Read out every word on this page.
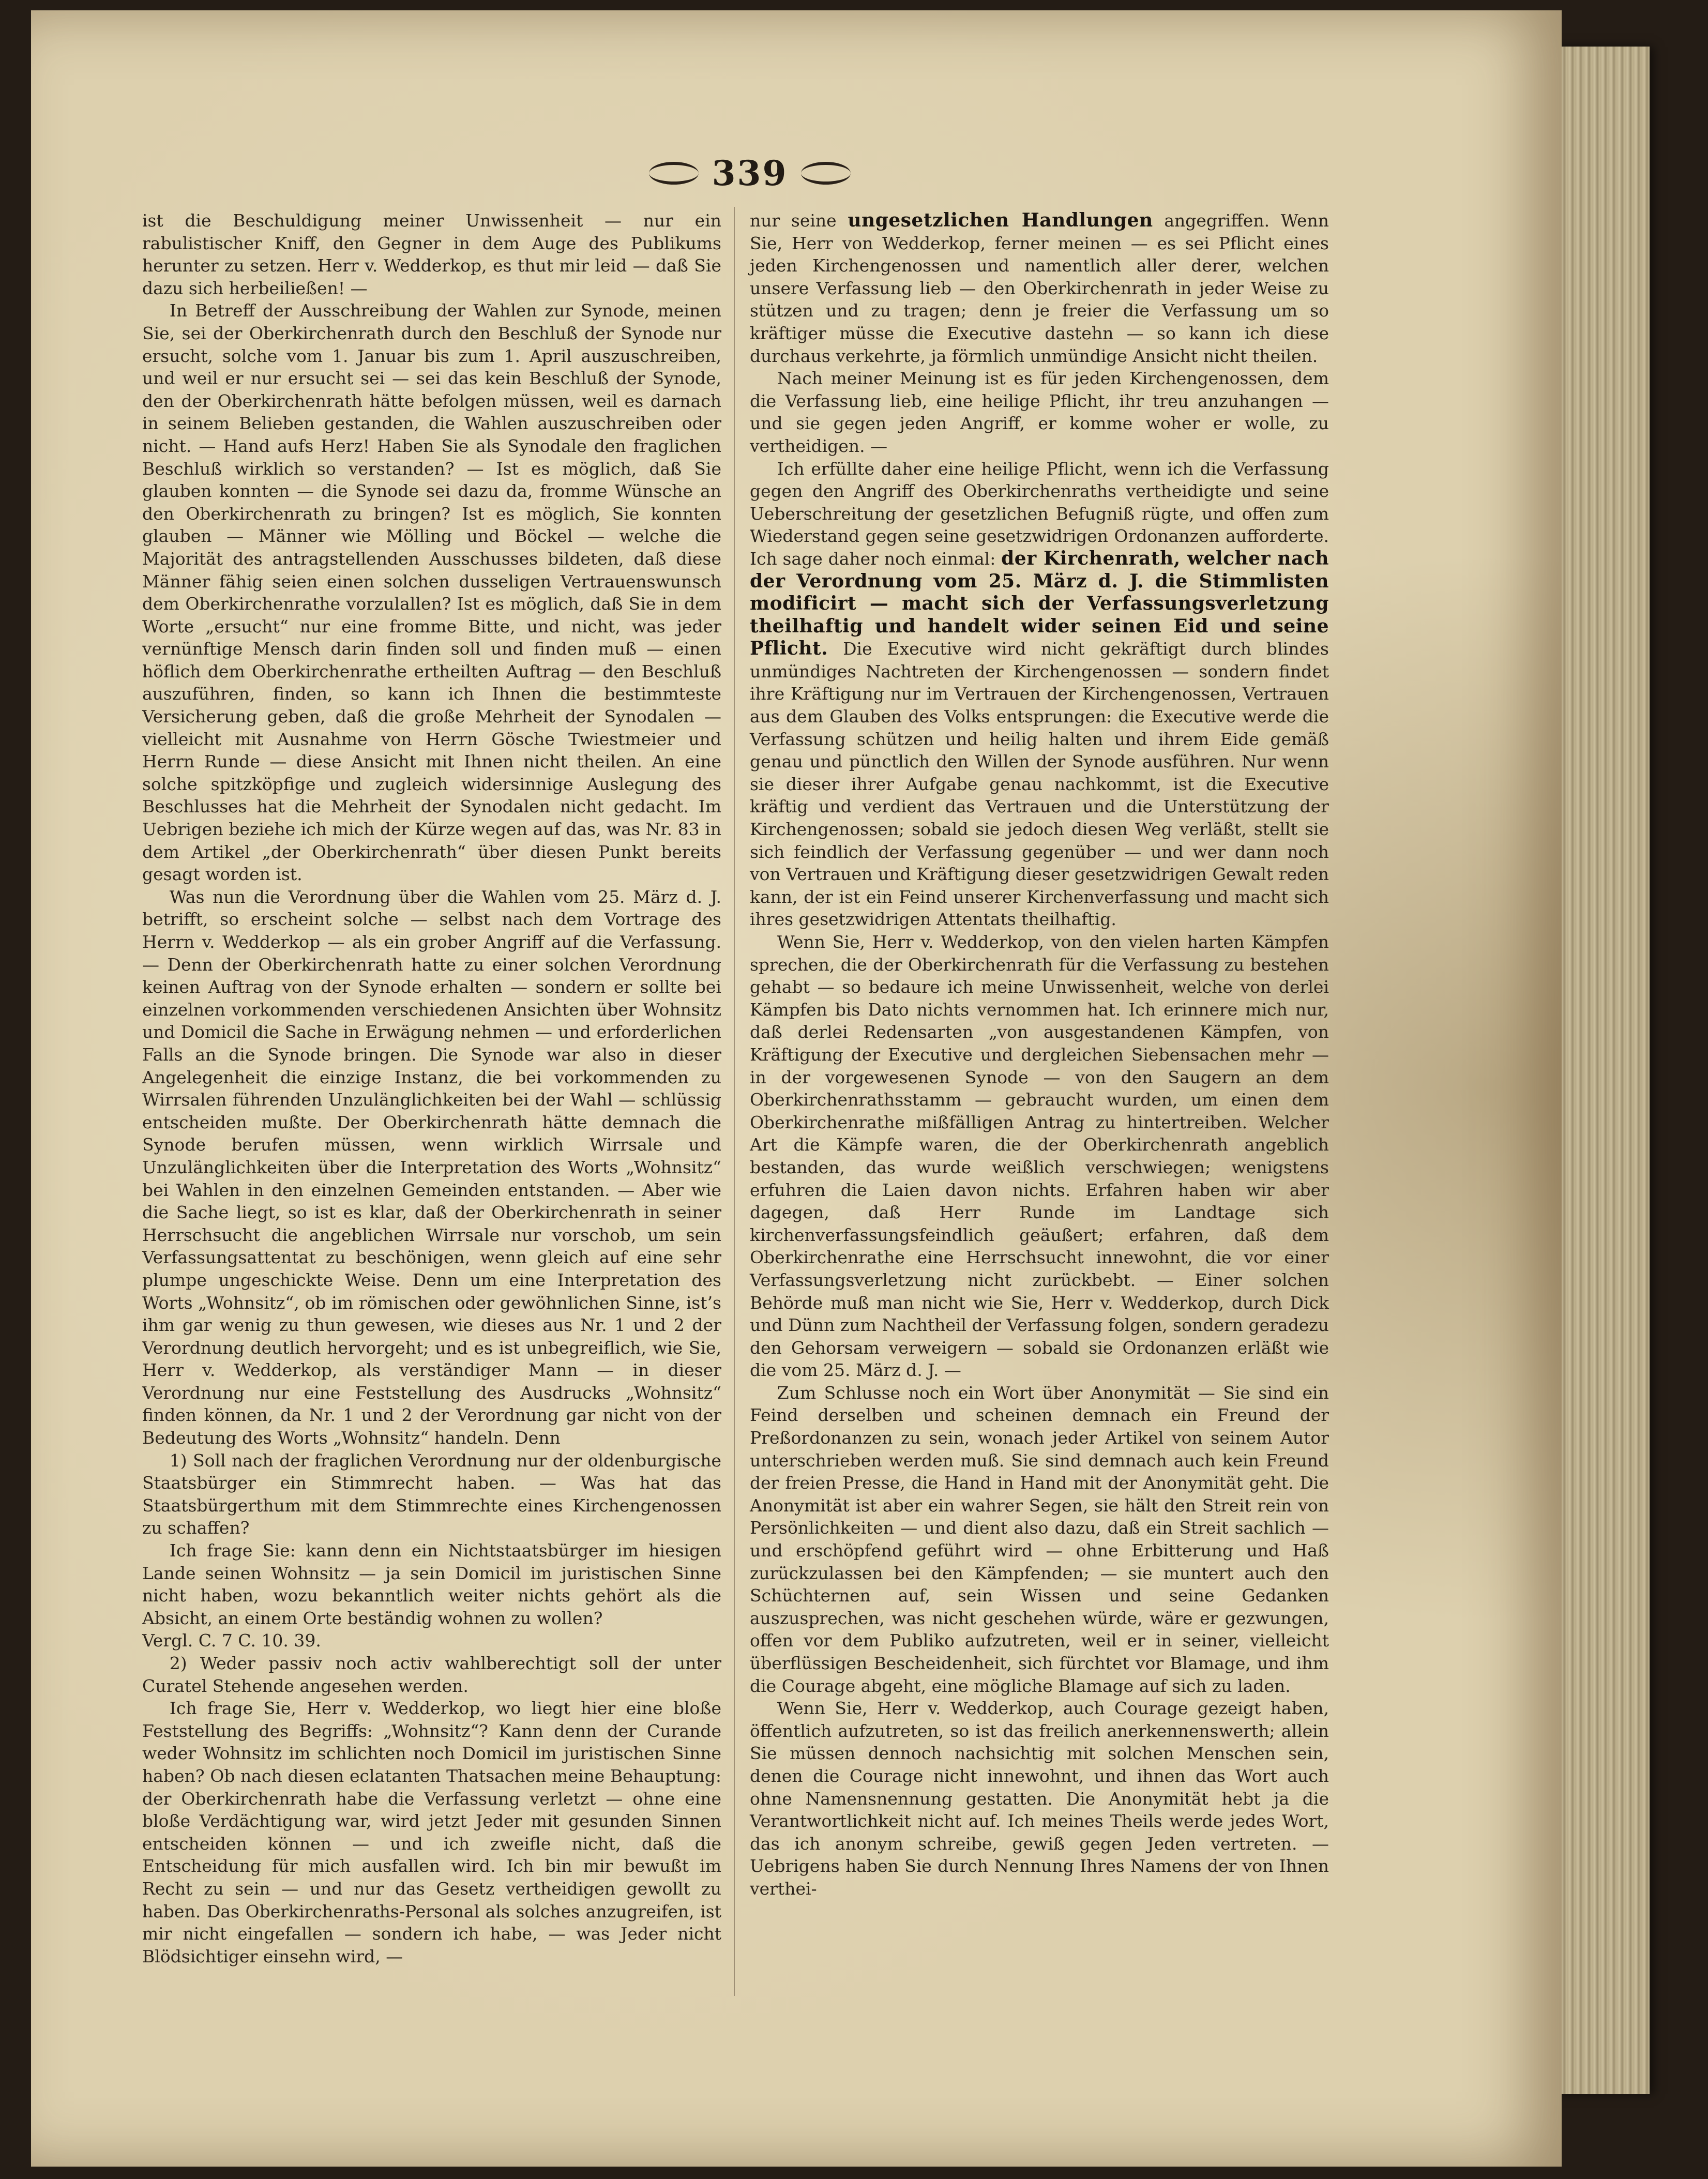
339

ist die Beschuldigung meiner Unwissenheit — nur ein rabulistischer Kniff, den Gegner in dem Auge des Publikums herunter zu setzen. Herr v. Wedderkop, es thut mir leid — daß Sie dazu sich herbeiließen! —

In Betreff der Ausschreibung der Wahlen zur Synode, meinen Sie, sei der Oberkirchenrath durch den Beschluß der Synode nur ersucht, solche vom 1. Januar bis zum 1. April auszuschreiben, und weil er nur ersucht sei — sei das kein Beschluß der Synode, den der Oberkirchenrath hätte befolgen müssen, weil es darnach in seinem Belieben gestanden, die Wahlen auszuschreiben oder nicht. — Hand aufs Herz! Haben Sie als Synodale den fraglichen Beschluß wirklich so verstanden? — Ist es möglich, daß Sie glauben konnten — die Synode sei dazu da, fromme Wünsche an den Oberkirchenrath zu bringen? Ist es möglich, Sie konnten glauben — Männer wie Mölling und Böckel — welche die Majorität des antragstellenden Ausschusses bildeten, daß diese Männer fähig seien einen solchen dusseligen Vertrauenswunsch dem Oberkirchenrathe vorzulallen? Ist es möglich, daß Sie in dem Worte „ersucht“ nur eine fromme Bitte, und nicht, was jeder vernünftige Mensch darin finden soll und finden muß — einen höflich dem Oberkirchenrathe ertheilten Auftrag — den Beschluß auszuführen, finden, so kann ich Ihnen die bestimmteste Versicherung geben, daß die große Mehrheit der Synodalen — vielleicht mit Ausnahme von Herrn Gösche Twiestmeier und Herrn Runde — diese Ansicht mit Ihnen nicht theilen. An eine solche spitzköpfige und zugleich widersinnige Auslegung des Beschlusses hat die Mehrheit der Synodalen nicht gedacht. Im Uebrigen beziehe ich mich der Kürze wegen auf das, was Nr. 83 in dem Artikel „der Oberkirchenrath“ über diesen Punkt bereits gesagt worden ist.

Was nun die Verordnung über die Wahlen vom 25. März d. J. betrifft, so erscheint solche — selbst nach dem Vortrage des Herrn v. Wedderkop — als ein grober Angriff auf die Verfassung. — Denn der Oberkirchenrath hatte zu einer solchen Verordnung keinen Auftrag von der Synode erhalten — sondern er sollte bei einzelnen vorkommenden verschiedenen Ansichten über Wohnsitz und Domicil die Sache in Erwägung nehmen — und erforderlichen Falls an die Synode bringen. Die Synode war also in dieser Angelegenheit die einzige Instanz, die bei vorkommenden zu Wirrsalen führenden Unzulänglichkeiten bei der Wahl — schlüssig entscheiden mußte. Der Oberkirchenrath hätte demnach die Synode berufen müssen, wenn wirklich Wirrsale und Unzulänglichkeiten über die Interpretation des Worts „Wohnsitz“ bei Wahlen in den einzelnen Gemeinden entstanden. — Aber wie die Sache liegt, so ist es klar, daß der Oberkirchenrath in seiner Herrschsucht die angeblichen Wirrsale nur vorschob, um sein Verfassungsattentat zu beschönigen, wenn gleich auf eine sehr plumpe ungeschickte Weise. Denn um eine Interpretation des Worts „Wohnsitz“, ob im römischen oder gewöhnlichen Sinne, ist’s ihm gar wenig zu thun gewesen, wie dieses aus Nr. 1 und 2 der Verordnung deutlich hervorgeht; und es ist unbegreiflich, wie Sie, Herr v. Wedderkop, als verständiger Mann — in dieser Verordnung nur eine Feststellung des Ausdrucks „Wohnsitz“ finden können, da Nr. 1 und 2 der Verordnung gar nicht von der Bedeutung des Worts „Wohnsitz“ handeln. Denn

1) Soll nach der fraglichen Verordnung nur der oldenburgische Staatsbürger ein Stimmrecht haben. — Was hat das Staatsbürgerthum mit dem Stimmrechte eines Kirchengenossen zu schaffen?

Ich frage Sie: kann denn ein Nichtstaatsbürger im hiesigen Lande seinen Wohnsitz — ja sein Domicil im juristischen Sinne nicht haben, wozu bekanntlich weiter nichts gehört als die Absicht, an einem Orte beständig wohnen zu wollen?

Vergl. C. 7 C. 10. 39.

2) Weder passiv noch activ wahlberechtigt soll der unter Curatel Stehende angesehen werden.

Ich frage Sie, Herr v. Wedderkop, wo liegt hier eine bloße Feststellung des Begriffs: „Wohnsitz“? Kann denn der Curande weder Wohnsitz im schlichten noch Domicil im juristischen Sinne haben? Ob nach diesen eclatanten Thatsachen meine Behauptung: der Oberkirchenrath habe die Verfassung verletzt — ohne eine bloße Verdächtigung war, wird jetzt Jeder mit gesunden Sinnen entscheiden können — und ich zweifle nicht, daß die Entscheidung für mich ausfallen wird. Ich bin mir bewußt im Recht zu sein — und nur das Gesetz vertheidigen gewollt zu haben. Das Oberkirchenraths-Personal als solches anzugreifen, ist mir nicht eingefallen — sondern ich habe, — was Jeder nicht Blödsichtiger einsehn wird, —

nur seine ungesetzlichen Handlungen angegriffen. Wenn Sie, Herr von Wedderkop, ferner meinen — es sei Pflicht eines jeden Kirchengenossen und namentlich aller derer, welchen unsere Verfassung lieb — den Oberkirchenrath in jeder Weise zu stützen und zu tragen; denn je freier die Verfassung um so kräftiger müsse die Executive dastehn — so kann ich diese durchaus verkehrte, ja förmlich unmündige Ansicht nicht theilen.

Nach meiner Meinung ist es für jeden Kirchengenossen, dem die Verfassung lieb, eine heilige Pflicht, ihr treu anzuhangen — und sie gegen jeden Angriff, er komme woher er wolle, zu vertheidigen. —

Ich erfüllte daher eine heilige Pflicht, wenn ich die Verfassung gegen den Angriff des Oberkirchenraths vertheidigte und seine Ueberschreitung der gesetzlichen Befugniß rügte, und offen zum Wiederstand gegen seine gesetzwidrigen Ordonanzen aufforderte. Ich sage daher noch einmal: der Kirchenrath, welcher nach der Verordnung vom 25. März d. J. die Stimmlisten modificirt — macht sich der Verfassungsverletzung theilhaftig und handelt wider seinen Eid und seine Pflicht. Die Executive wird nicht gekräftigt durch blindes unmündiges Nachtreten der Kirchengenossen — sondern findet ihre Kräftigung nur im Vertrauen der Kirchengenossen, Vertrauen aus dem Glauben des Volks entsprungen: die Executive werde die Verfassung schützen und heilig halten und ihrem Eide gemäß genau und pünctlich den Willen der Synode ausführen. Nur wenn sie dieser ihrer Aufgabe genau nachkommt, ist die Executive kräftig und verdient das Vertrauen und die Unterstützung der Kirchengenossen; sobald sie jedoch diesen Weg verläßt, stellt sie sich feindlich der Verfassung gegenüber — und wer dann noch von Vertrauen und Kräftigung dieser gesetzwidrigen Gewalt reden kann, der ist ein Feind unserer Kirchenverfassung und macht sich ihres gesetzwidrigen Attentats theilhaftig.

Wenn Sie, Herr v. Wedderkop, von den vielen harten Kämpfen sprechen, die der Oberkirchenrath für die Verfassung zu bestehen gehabt — so bedaure ich meine Unwissenheit, welche von derlei Kämpfen bis Dato nichts vernommen hat. Ich erinnere mich nur, daß derlei Redensarten „von ausgestandenen Kämpfen, von Kräftigung der Executive und dergleichen Siebensachen mehr — in der vorgewesenen Synode — von den Saugern an dem Oberkirchenrathsstamm — gebraucht wurden, um einen dem Oberkirchenrathe mißfälligen Antrag zu hintertreiben. Welcher Art die Kämpfe waren, die der Oberkirchenrath angeblich bestanden, das wurde weißlich verschwiegen; wenigstens erfuhren die Laien davon nichts. Erfahren haben wir aber dagegen, daß Herr Runde im Landtage sich kirchenverfassungsfeindlich geäußert; erfahren, daß dem Oberkirchenrathe eine Herrschsucht innewohnt, die vor einer Verfassungsverletzung nicht zurückbebt. — Einer solchen Behörde muß man nicht wie Sie, Herr v. Wedderkop, durch Dick und Dünn zum Nachtheil der Verfassung folgen, sondern geradezu den Gehorsam verweigern — sobald sie Ordonanzen erläßt wie die vom 25. März d. J. —

Zum Schlusse noch ein Wort über Anonymität — Sie sind ein Feind derselben und scheinen demnach ein Freund der Preßordonanzen zu sein, wonach jeder Artikel von seinem Autor unterschrieben werden muß. Sie sind demnach auch kein Freund der freien Presse, die Hand in Hand mit der Anonymität geht. Die Anonymität ist aber ein wahrer Segen, sie hält den Streit rein von Persönlichkeiten — und dient also dazu, daß ein Streit sachlich — und erschöpfend geführt wird — ohne Erbitterung und Haß zurückzulassen bei den Kämpfenden; — sie muntert auch den Schüchternen auf, sein Wissen und seine Gedanken auszusprechen, was nicht geschehen würde, wäre er gezwungen, offen vor dem Publiko aufzutreten, weil er in seiner, vielleicht überflüssigen Bescheidenheit, sich fürchtet vor Blamage, und ihm die Courage abgeht, eine mögliche Blamage auf sich zu laden.

Wenn Sie, Herr v. Wedderkop, auch Courage gezeigt haben, öffentlich aufzutreten, so ist das freilich anerkennenswerth; allein Sie müssen dennoch nachsichtig mit solchen Menschen sein, denen die Courage nicht innewohnt, und ihnen das Wort auch ohne Namensnennung gestatten. Die Anonymität hebt ja die Verantwortlichkeit nicht auf. Ich meines Theils werde jedes Wort, das ich anonym schreibe, gewiß gegen Jeden vertreten. — Uebrigens haben Sie durch Nennung Ihres Namens der von Ihnen verthei-
